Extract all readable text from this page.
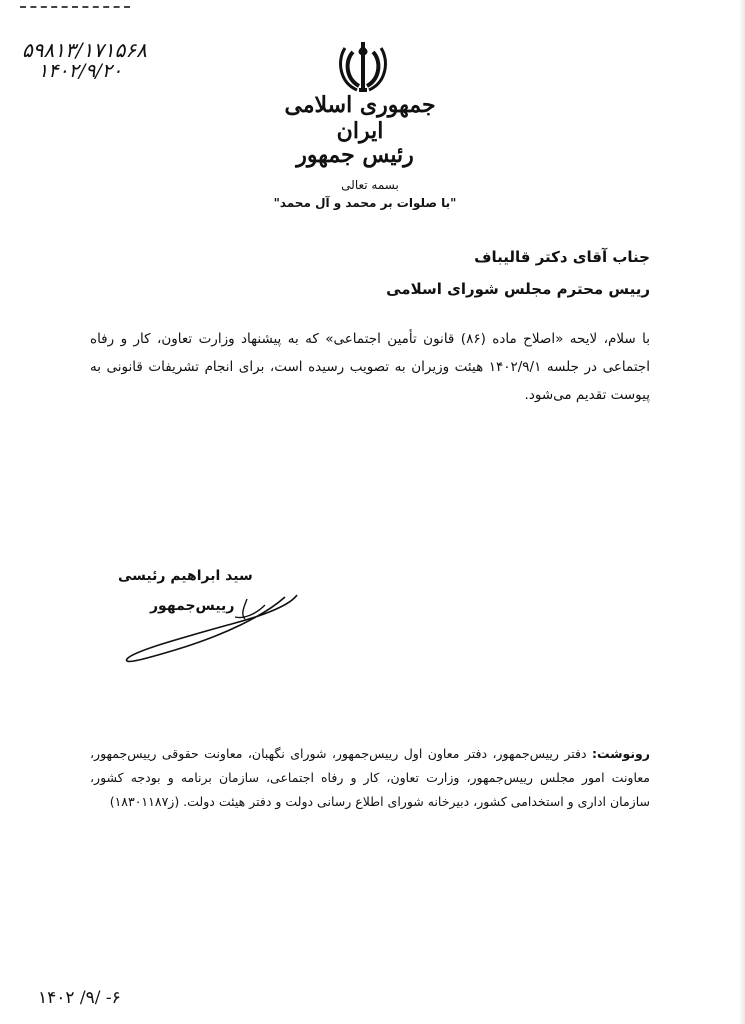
۵۹۸۱۳/۱۷۱۵۶۸
۱۴۰۲/۹/۲۰
جمهوری اسلامی ایران
رئیس جمهور
بسمه تعالی
"با صلوات بر محمد و آل محمد"
جناب آقای دکتر قالیباف
رییس محترم مجلس شورای اسلامی
با سلام، لایحه «اصلاح ماده (۸۶) قانون تأمین اجتماعی» که به پیشنهاد وزارت تعاون، کار و رفاه اجتماعی در جلسه ۱۴۰۲/۹/۱ هیئت وزیران به تصویب رسیده است، برای انجام تشریفات قانونی به پیوست تقدیم می‌شود.
سید ابراهیم رئیسی
رییس‌جمهور
رونوشت: دفتر رییس‌جمهور، دفتر معاون اول رییس‌جمهور، شورای نگهبان، معاونت حقوقی رییس‌جمهور، معاونت امور مجلس رییس‌جمهور، وزارت تعاون، کار و رفاه اجتماعی، سازمان برنامه و بودجه کشور، سازمان اداری و استخدامی کشور، دبیرخانه شورای اطلاع رسانی دولت و دفتر هیئت دولت. (ز۱۸۳۰۱۱۸۷)
۱۴۰۲ /۹/ -۶
